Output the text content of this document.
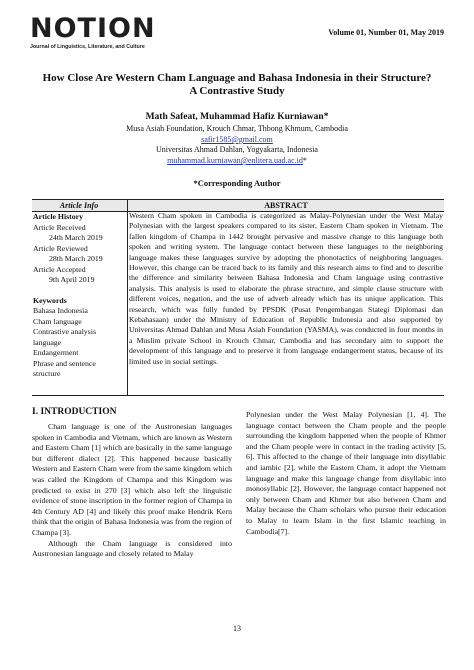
NOTION
Journal of Linguistics, Literature, and Culture
Volume 01, Number 01, May 2019
How Close Are Western Cham Language and Bahasa Indonesia in their Structure?
A Contrastive Study
Math Safeat, Muhammad Hafiz Kurniawan*
Musa Asiah Foundation, Krouch Chmar, Thbong Khmum, Cambodia
safir1585@gmail.com
Universitas Ahmad Dahlan, Yogyakarta, Indonesia
muhammad.kurniawan@enlitera.uad.ac.id*
*Corresponding Author
Article Info	ABSTRACT
Article History
Article Received
24th March 2019
Article Reviewed
28th March 2019
Article Accepted
9th April 2019
Keywords
Bahasa Indonesia
Cham language
Contrastive analysis
language
Endangerment
Phrase and sentence
structure
Western Cham spoken in Cambodia is categorized as Malay-Polynesian under the West Malay Polynesian with the largest speakers compared to its sister, Eastern Cham spoken in Vietnam. The fallen kingdom of Champa in 1442 brought pervasive and massive change to this language both spoken and writing system. The language contact between these languages to the neighboring language makes these languages survive by adopting the phonotactics of neighboring languages. However, this change can be traced back to its family and this research aims to find and to describe the difference and similarity between Bahasa Indonesia and Cham language using contrastive analysis. This analysis is used to elaborate the phrase structure, and simple clause structure with different voices, negation, and the use of adverb already which has its unique application. This research, which was fully funded by PPSDK (Pusat Pengembangan Stategi Diplomasi dan Kebahasaan) under the Ministry of Education of Republic Indonesia and also supported by Universitas Ahmad Dahlan and Musa Asiah Foundation (YASMA), was conducted in four months in a Muslim private School in Krouch Chmar, Cambodia and has secondary aim to support the development of this language and to preserve it from language endangerment status, because of its limited use in social settings.
I. INTRODUCTION

Cham language is one of the Austronesian languages spoken in Cambodia and Vietnam, which are known as Western and Eastern Cham [1] which are basically in the same language but different dialect [2]. This happened because basically Western and Eastern Cham were from the same kingdom which was called the Kingdom of Champa and this Kingdom was predicted to exist in 270 [3] which also left the linguistic evidence of stone inscription in the former region of Champa in 4th Century AD [4] and likely this proof make Hendrik Kern think that the origin of Bahasa Indonesia was from the region of Champa [3].

Although the Cham language is considered into Austronesian language and closely related to Malay

Polynesian under the West Malay Polynesian [1, 4]. The language contact between the Cham people and the people surrounding the kingdom happened when the people of Khmer and the Cham people were in contact in the trading activity [5, 6]. This affected to the change of their language into disyllabic and iambic [2], while the Eastern Cham, it adopt the Vietnam language and make this language change from disyllabic into monosyllabic [2]. However, the language contact happened not only between Cham and Khmer but also between Cham and Malay because the Cham scholars who pursue their education to Malay to learn Islam in the first Islamic teaching in Cambodia[7].

13
